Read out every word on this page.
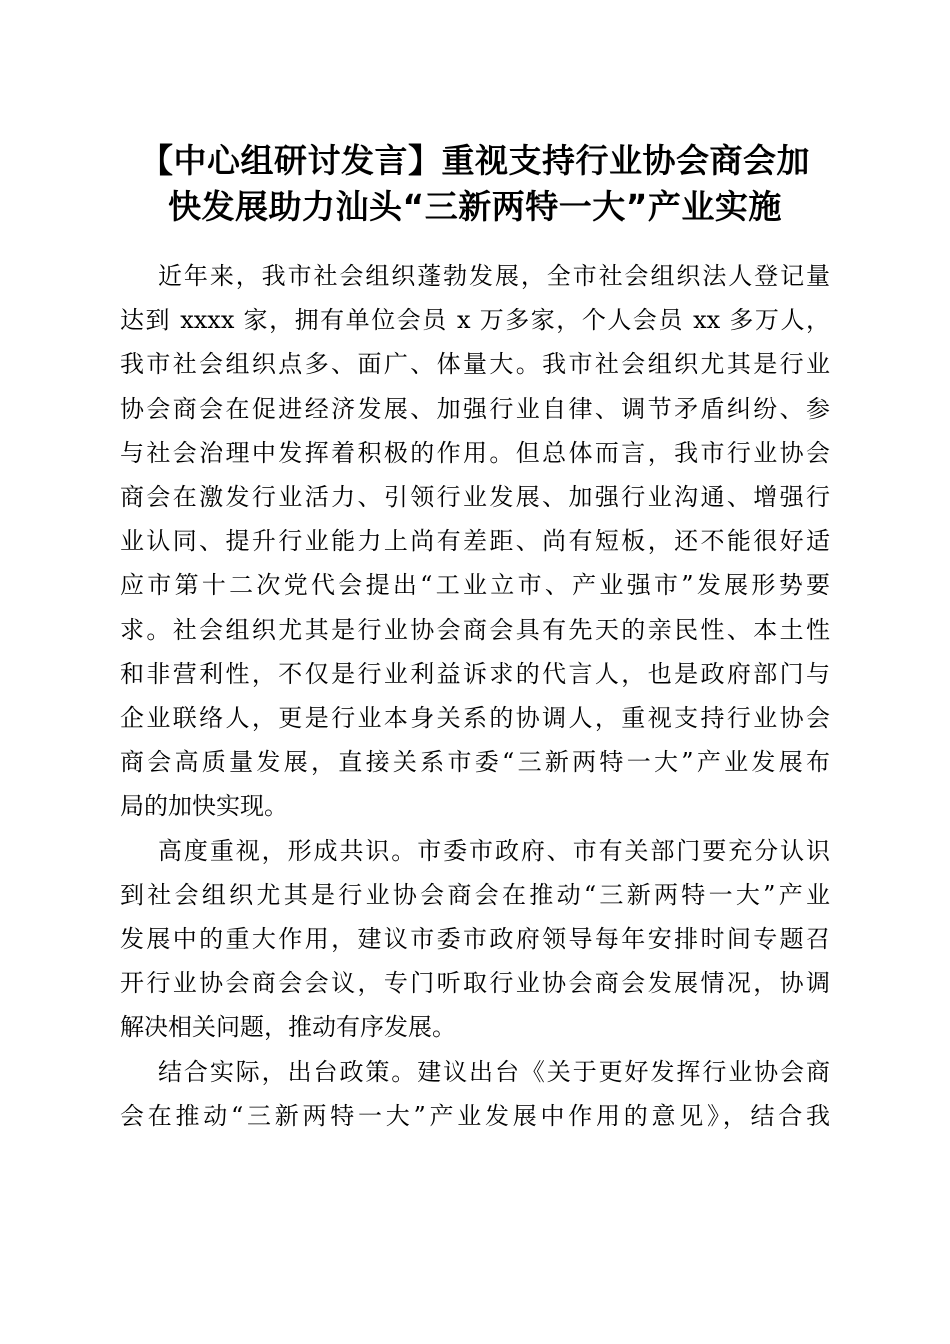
【中心组研讨发言】重视支持行业协会商会加
快发展助力汕头“三新两特一大”产业实施

近年来，我市社会组织蓬勃发展，全市社会组织法人登记量
达到 xxxx 家，拥有单位会员 x 万多家，个人会员 xx 多万人，
我市社会组织点多、面广、体量大。我市社会组织尤其是行业
协会商会在促进经济发展、加强行业自律、调节矛盾纠纷、参
与社会治理中发挥着积极的作用。但总体而言，我市行业协会
商会在激发行业活力、引领行业发展、加强行业沟通、增强行
业认同、提升行业能力上尚有差距、尚有短板，还不能很好适
应市第十二次党代会提出“工业立市、产业强市”发展形势要
求。社会组织尤其是行业协会商会具有先天的亲民性、本土性
和非营利性，不仅是行业利益诉求的代言人，也是政府部门与
企业联络人，更是行业本身关系的协调人，重视支持行业协会
商会高质量发展，直接关系市委“三新两特一大”产业发展布
局的加快实现。

高度重视，形成共识。市委市政府、市有关部门要充分认识
到社会组织尤其是行业协会商会在推动“三新两特一大”产业
发展中的重大作用，建议市委市政府领导每年安排时间专题召
开行业协会商会会议，专门听取行业协会商会发展情况，协调
解决相关问题，推动有序发展。

结合实际，出台政策。建议出台《关于更好发挥行业协会商
会在推动“三新两特一大”产业发展中作用的意见》，结合我
